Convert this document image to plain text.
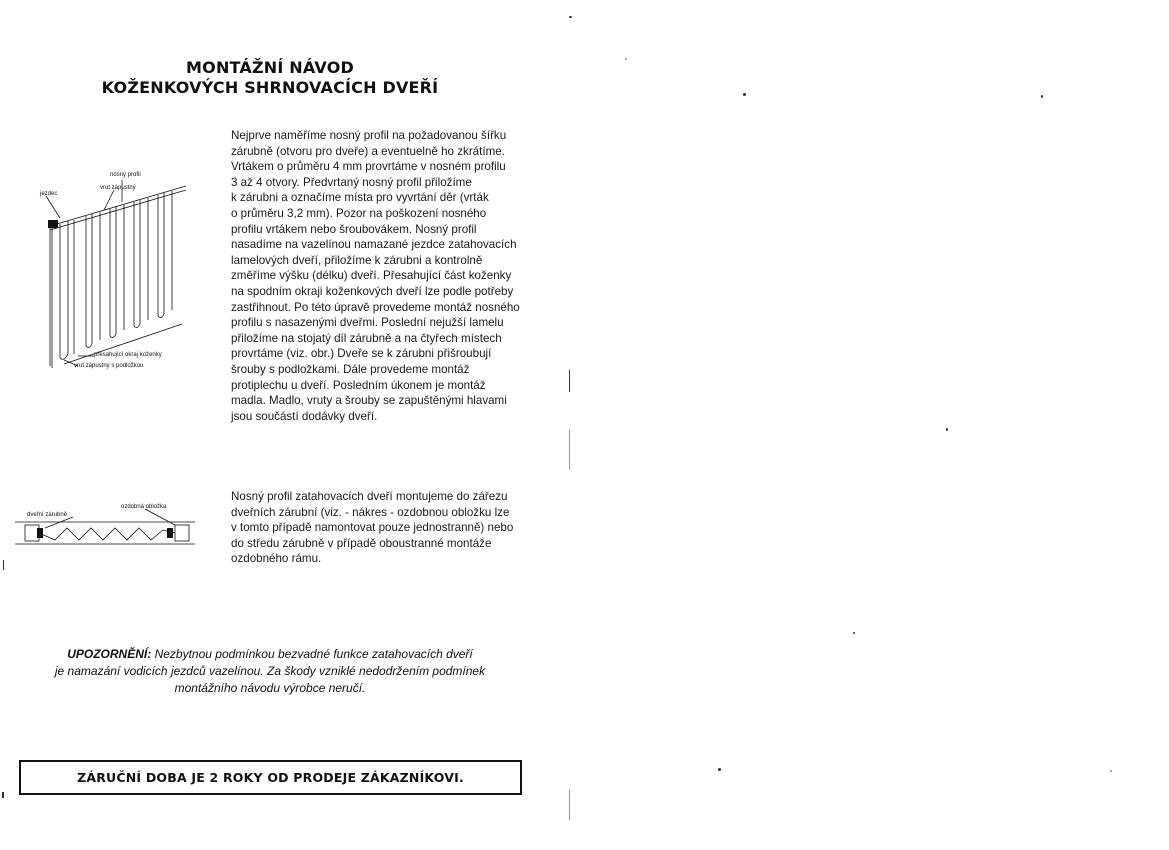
MONTÁŽNÍ NÁVOD
KOŽENKOVÝCH SHRNOVACÍCH DVEŘÍ
nosný profil
jezdec
vrut zápustný
přesahující okraj koženky
vrut zápustný s podložkou
dveřní zárubně
ozdobná obložka
Nejprve naměříme nosný profil na požadovanou šířku
zárubně (otvoru pro dveře) a eventuelně ho zkrátíme.
Vrtákem o průměru 4 mm provrtáme v nosném profilu
3 až 4 otvory. Předvrtaný nosný profil přiložíme
k zárubni a označíme místa pro vyvrtání děr (vrták
o průměru 3,2 mm). Pozor na poškození nosného
profilu vrtákem nebo šroubovákem. Nosný profil
nasadíme na vazelínou namazané jezdce zatahovacích
lamelových dveří, přiložíme k zárubni a kontrolně
změříme výšku (délku) dveří. Přesahující část koženky
na spodním okraji koženkových dveří lze podle potřeby
zastřihnout. Po této úpravě provedeme montáž nosného
profilu s nasazenými dveřmi. Poslední nejužší lamelu
přiložíme na stojatý díl zárubně a na čtyřech místech
provrtáme (viz. obr.) Dveře se k zárubni přišroubují
šrouby s podložkami. Dále provedeme montáž
protiplechu u dveří. Posledním úkonem je montáž
madla. Madlo, vruty a šrouby se zapuštěnými hlavami
jsou součástí dodávky dveří.
Nosný profil zatahovacích dveří montujeme do zářezu
dveřních zárubní (viz. - nákres - ozdobnou obložku lze
v tomto případě namontovat pouze jednostranně) nebo
do středu zárubně v případě oboustranné montáže
ozdobného rámu.
UPOZORNĚNÍ: Nezbytnou podmínkou bezvadné funkce zatahovacích dveří
je namazání vodicích jezdců vazelínou. Za škody vzniklé nedodržením podmínek
montážního návodu výrobce neručí.
ZÁRUČNÍ DOBA JE 2 ROKY OD PRODEJE ZÁKAZNÍKOVI.
